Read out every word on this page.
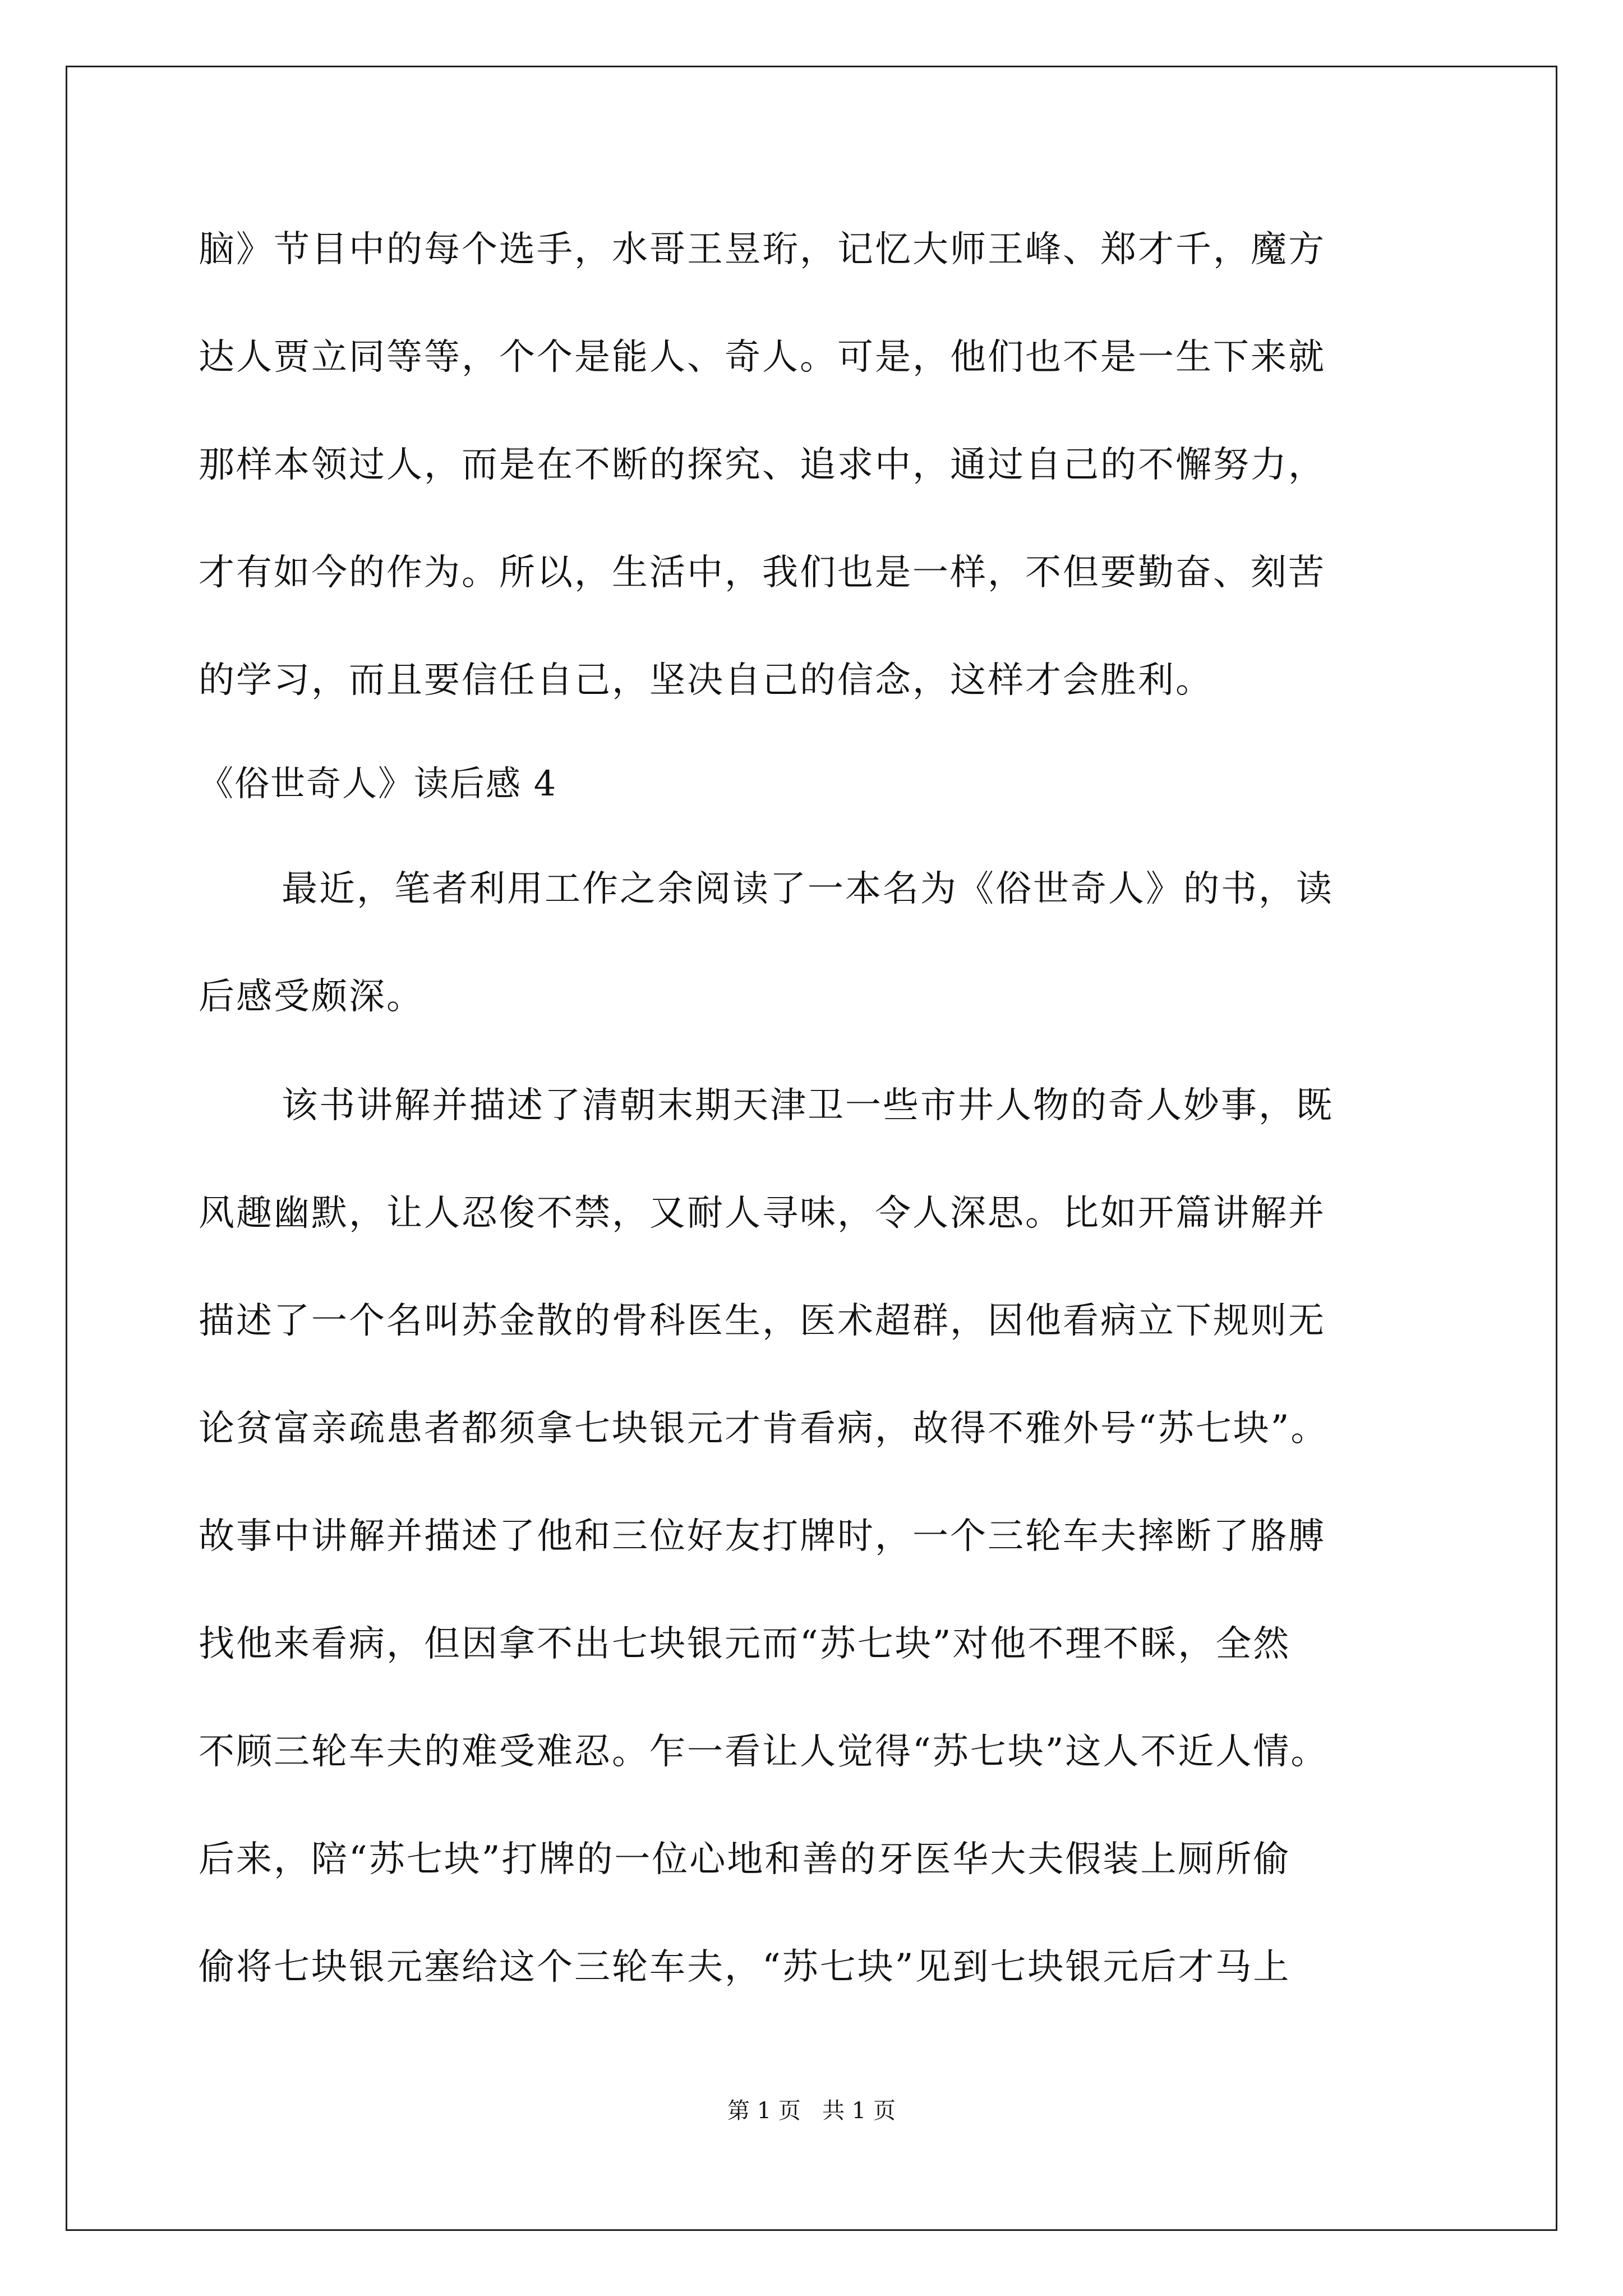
脑》节目中的每个选手，水哥王昱珩，记忆大师王峰、郑才千，魔方
达人贾立同等等，个个是能人、奇人。可是，他们也不是一生下来就
那样本领过人，而是在不断的探究、追求中，通过自己的不懈努力，
才有如今的作为。所以，生活中，我们也是一样，不但要勤奋、刻苦
的学习，而且要信任自己，坚决自己的信念，这样才会胜利。
《俗世奇人》读后感 4
最近，笔者利用工作之余阅读了一本名为《俗世奇人》的书，读
后感受颇深。
该书讲解并描述了清朝末期天津卫一些市井人物的奇人妙事，既
风趣幽默，让人忍俊不禁，又耐人寻味，令人深思。比如开篇讲解并
描述了一个名叫苏金散的骨科医生，医术超群，因他看病立下规则无
论贫富亲疏患者都须拿七块银元才肯看病，故得不雅外号“苏七块”。
故事中讲解并描述了他和三位好友打牌时，一个三轮车夫摔断了胳膊
找他来看病，但因拿不出七块银元而“苏七块”对他不理不睬，全然
不顾三轮车夫的难受难忍。乍一看让人觉得“苏七块”这人不近人情。
后来，陪“苏七块”打牌的一位心地和善的牙医华大夫假装上厕所偷
偷将七块银元塞给这个三轮车夫，“苏七块”见到七块银元后才马上
第 1 页   共 1 页
